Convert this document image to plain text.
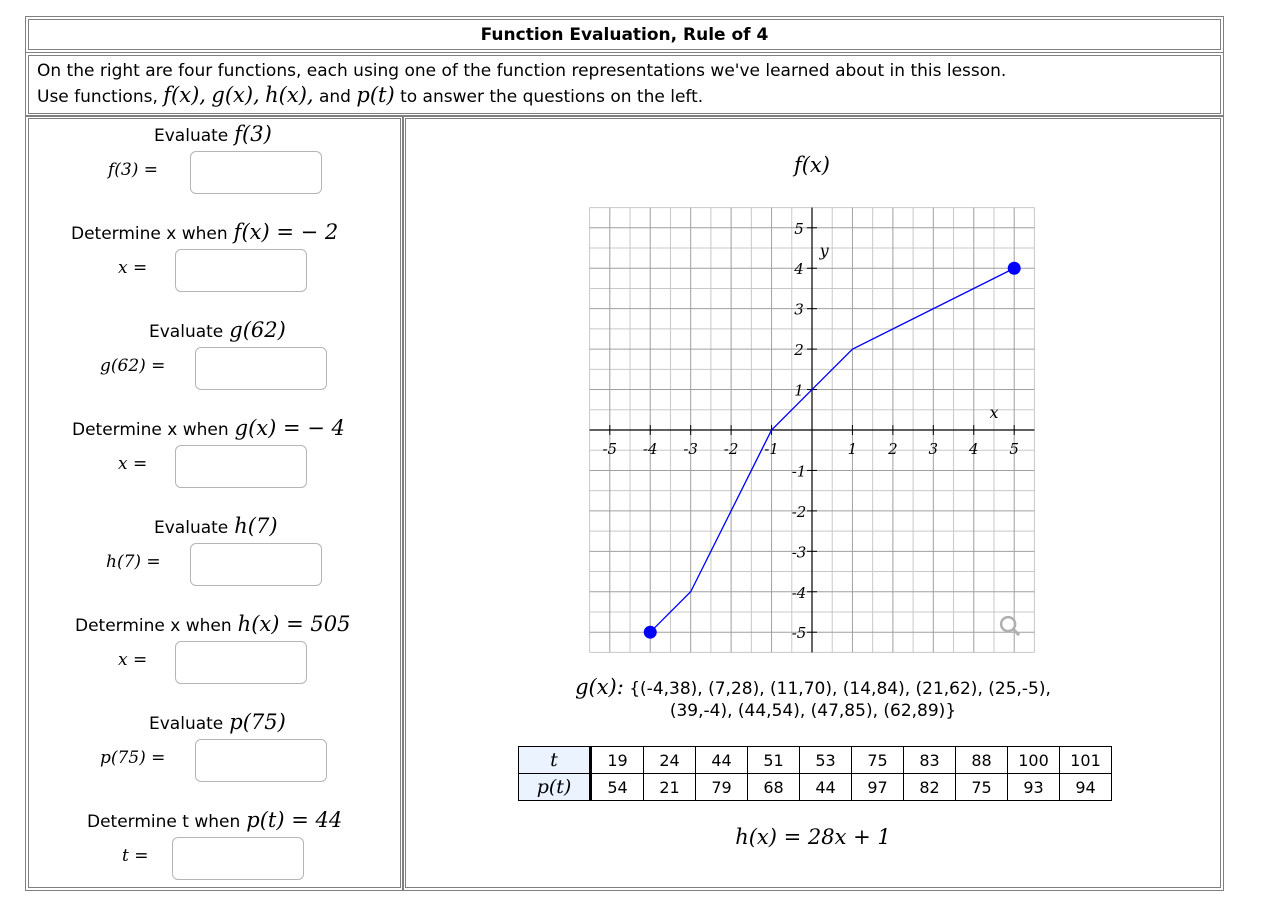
Function Evaluation, Rule of 4
On the right are four functions, each using one of the function representations we've learned about in this lesson.
Use functions, f(x), g(x), h(x), and p(t) to answer the questions on the left.
Evaluate f(3)
f(3) =
Determine x when f(x) = − 2
x =
Evaluate g(62)
g(62) =
Determine x when g(x) = − 4
x =
Evaluate h(7)
h(7) =
Determine x when h(x) = 505
x =
Evaluate p(75)
p(75) =
Determine t when p(t) = 44
t =
f(x)
-5 -4 -3 -2 -1	1 2 3 4 5
5
4
3
2
1
-1
-2
-3
-4
-5
x
y
g(x): {(-4,38), (7,28), (11,70), (14,84), (21,62), (25,-5),
(39,-4), (44,54), (47,85), (62,89)}
t	19	24	44	51	53	75	83	88	100	101
p(t)	54	21	79	68	44	97	82	75	93	94
h(x) = 28x + 1
